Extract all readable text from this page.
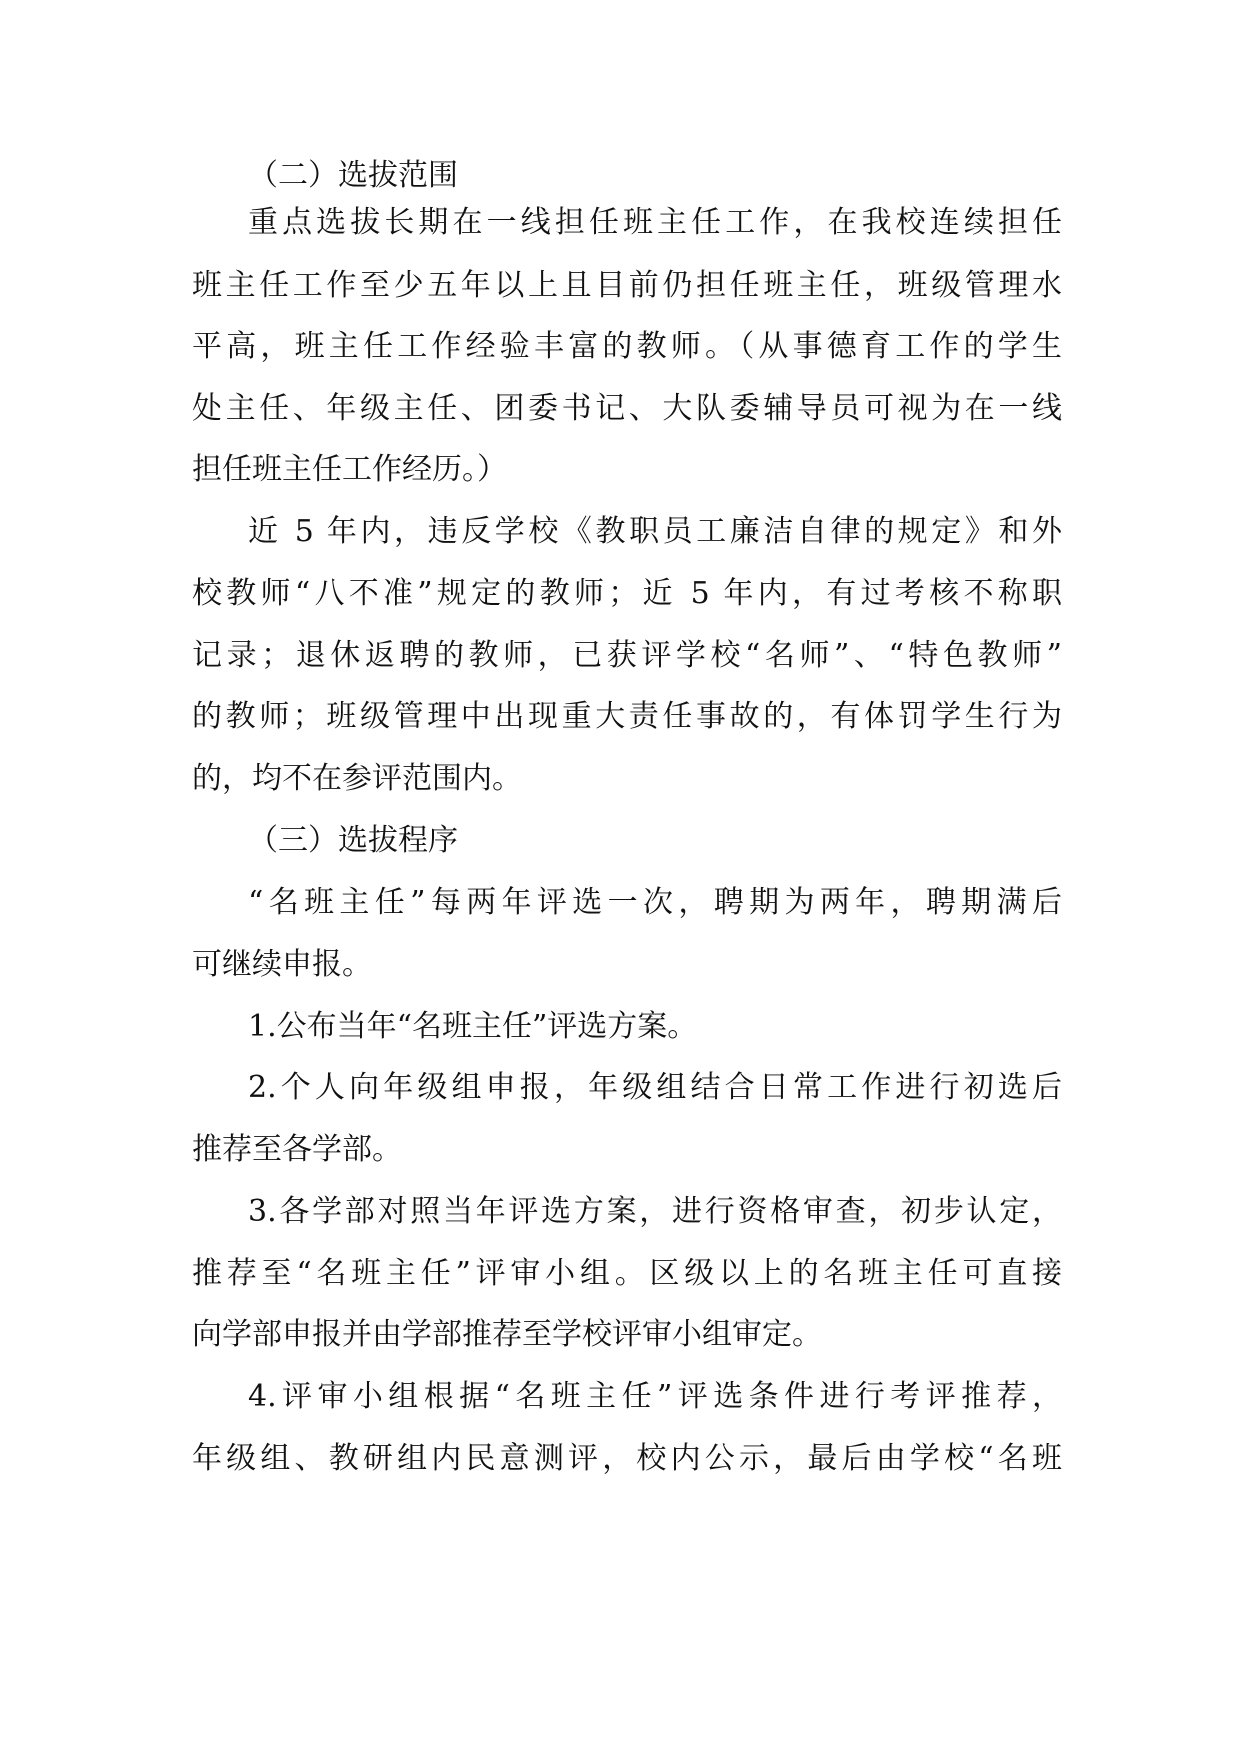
（二）选拔范围
重点选拔长期在一线担任班主任工作，在我校连续担任
班主任工作至少五年以上且目前仍担任班主任，班级管理水
平高，班主任工作经验丰富的教师。（从事德育工作的学生
处主任、年级主任、团委书记、大队委辅导员可视为在一线
担任班主任工作经历。）
近 5 年内，违反学校《教职员工廉洁自律的规定》和外
校教师“八不准”规定的教师；近 5 年内，有过考核不称职
记录；退休返聘的教师，已获评学校“名师”、“特色教师”
的教师；班级管理中出现重大责任事故的，有体罚学生行为
的，均不在参评范围内。
（三）选拔程序
“名班主任”每两年评选一次，聘期为两年，聘期满后
可继续申报。
1.公布当年“名班主任”评选方案。
2.个人向年级组申报，年级组结合日常工作进行初选后
推荐至各学部。
3.各学部对照当年评选方案，进行资格审查，初步认定，
推荐至“名班主任”评审小组。区级以上的名班主任可直接
向学部申报并由学部推荐至学校评审小组审定。
4.评审小组根据“名班主任”评选条件进行考评推荐，
年级组、教研组内民意测评，校内公示，最后由学校“名班
